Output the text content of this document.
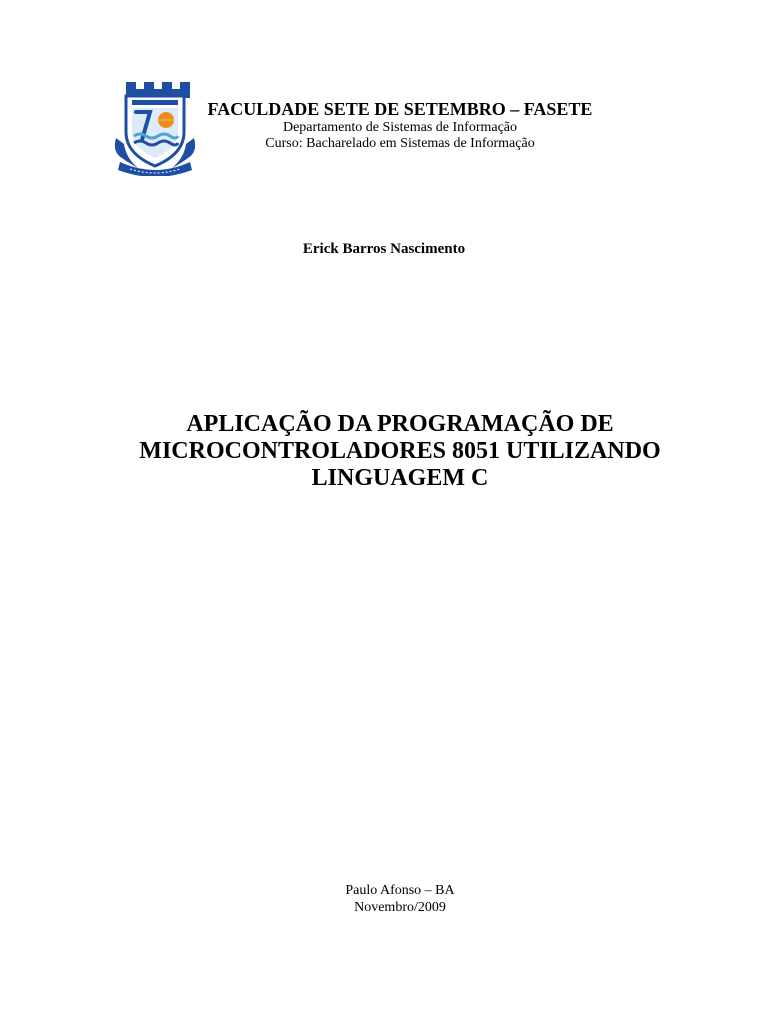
FACULDADE SETE DE SETEMBRO – FASETE
Departamento de Sistemas de Informação
Curso: Bacharelado em Sistemas de Informação
Erick Barros Nascimento
APLICAÇÃO DA PROGRAMAÇÃO DE
MICROCONTROLADORES 8051 UTILIZANDO
LINGUAGEM C
Paulo Afonso – BA
Novembro/2009
